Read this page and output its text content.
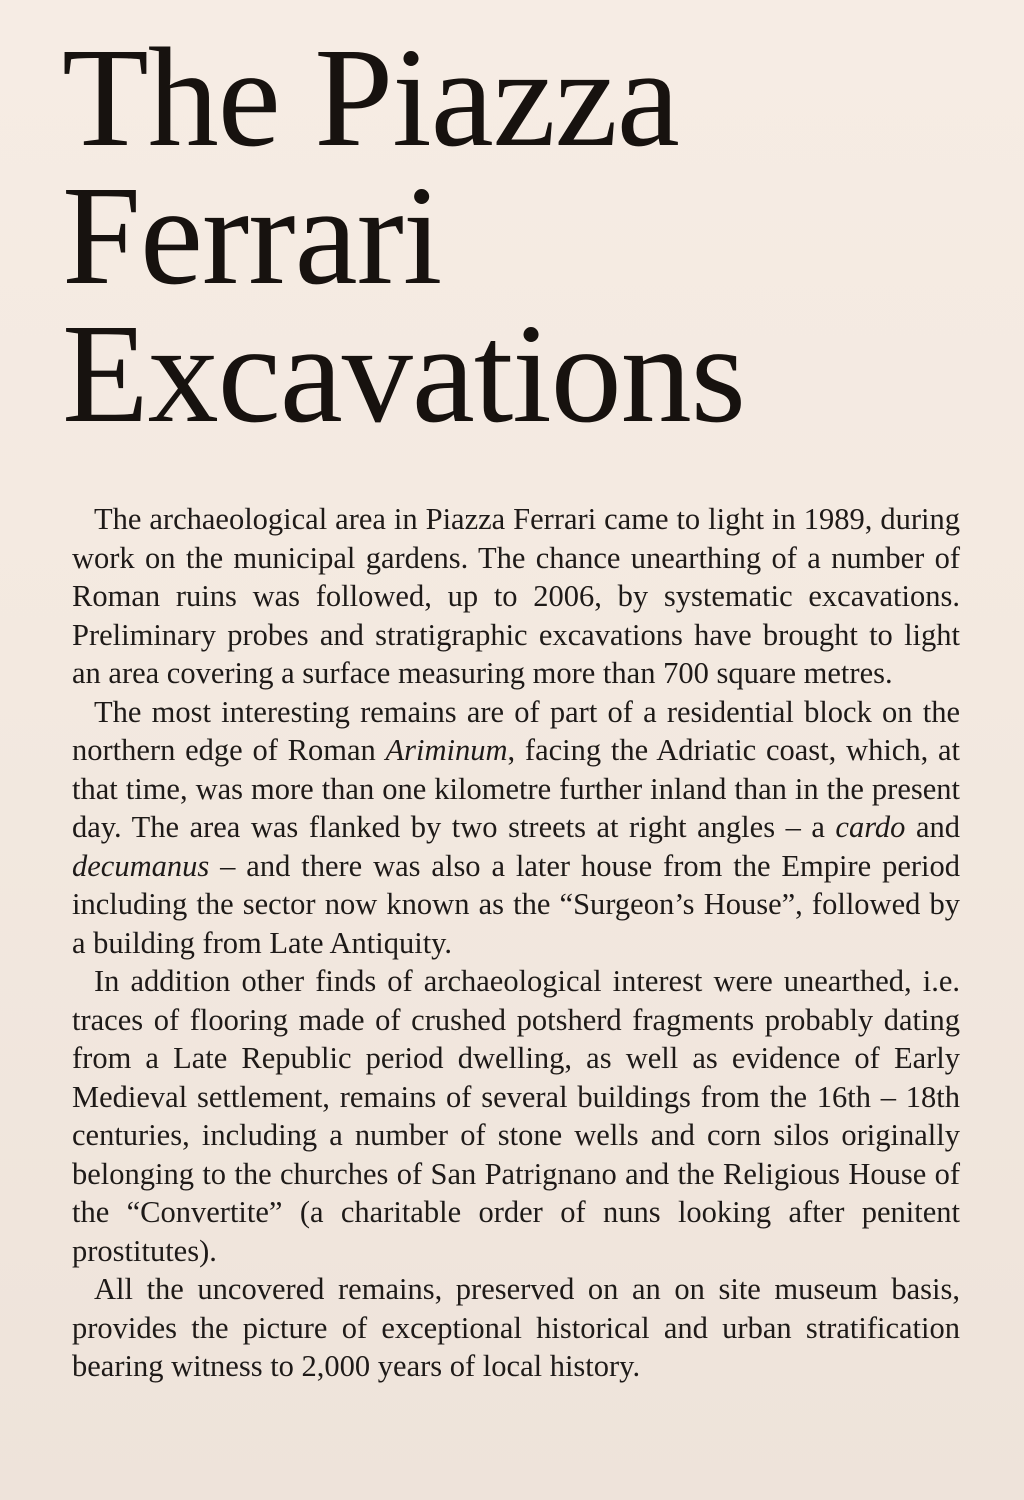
The Piazza
Ferrari
Excavations

The archaeological area in Piazza Ferrari came to light in 1989, during work on the municipal gardens. The chance unearthing of a number of Roman ruins was followed, up to 2006, by systematic excavations. Preliminary probes and stratigraphic excavations have brought to light an area covering a surface measuring more than 700 square metres.

The most interesting remains are of part of a residential block on the northern edge of Roman Ariminum, facing the Adriatic coast, which, at that time, was more than one kilometre further inland than in the present day. The area was flanked by two streets at right angles – a cardo and decumanus – and there was also a later house from the Empire period including the sector now known as the “Surgeon’s House”, followed by a building from Late Antiquity.

In addition other finds of archaeological interest were unearthed, i.e. traces of flooring made of crushed potsherd fragments probably dating from a Late Republic period dwelling, as well as evidence of Early Medieval settlement, remains of several buildings from the 16th – 18th centuries, including a number of stone wells and corn silos originally belonging to the churches of San Patrignano and the Religious House of the “Convertite” (a charitable order of nuns looking after penitent prostitutes).

All the uncovered remains, preserved on an on site museum basis, provides the picture of exceptional historical and urban stratification bearing witness to 2,000 years of local history.
